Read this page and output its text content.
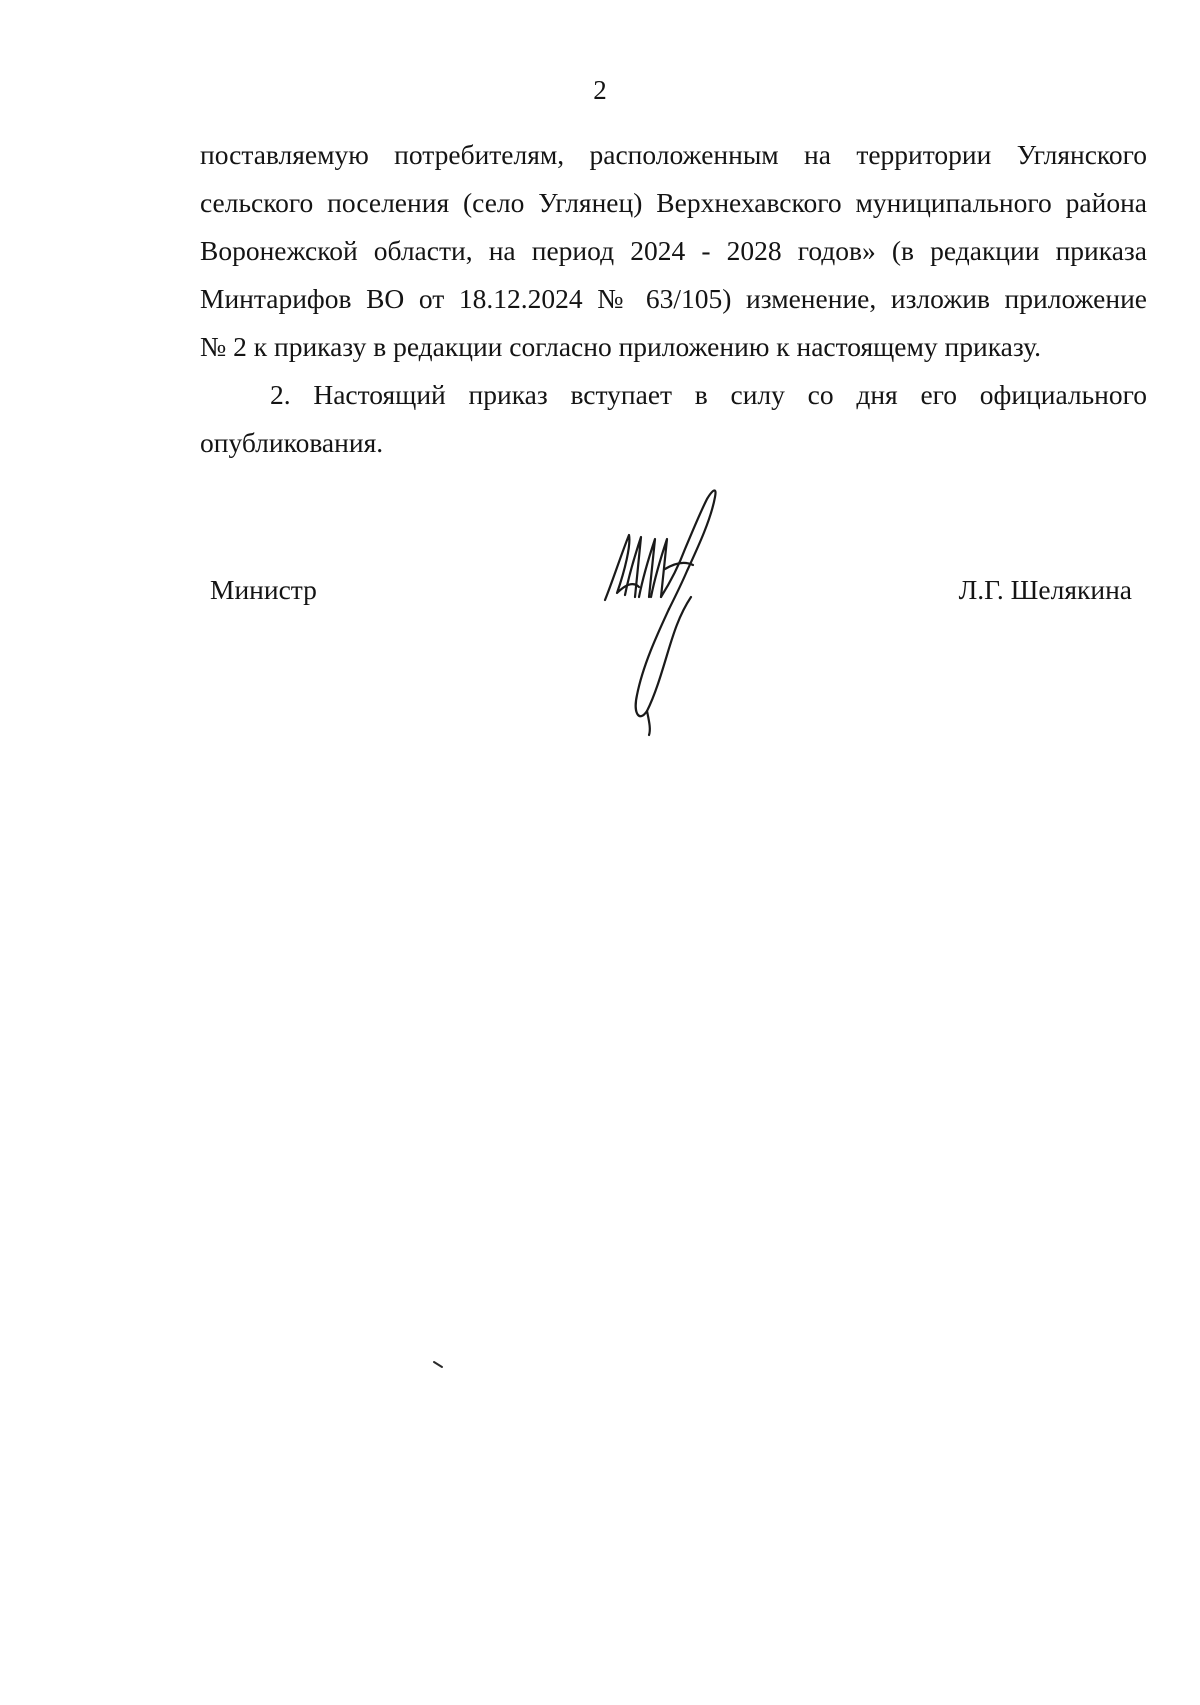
2

поставляемую потребителям, расположенным на территории Углянского
сельского поселения (село Углянец) Верхнехавского муниципального района
Воронежской области, на период 2024 - 2028 годов» (в редакции приказа
Минтарифов ВО от 18.12.2024 № 63/105) изменение, изложив приложение
№ 2 к приказу в редакции согласно приложению к настоящему приказу.

2. Настоящий приказ вступает в силу со дня его официального
опубликования.

Министр	Л.Г. Шелякина
